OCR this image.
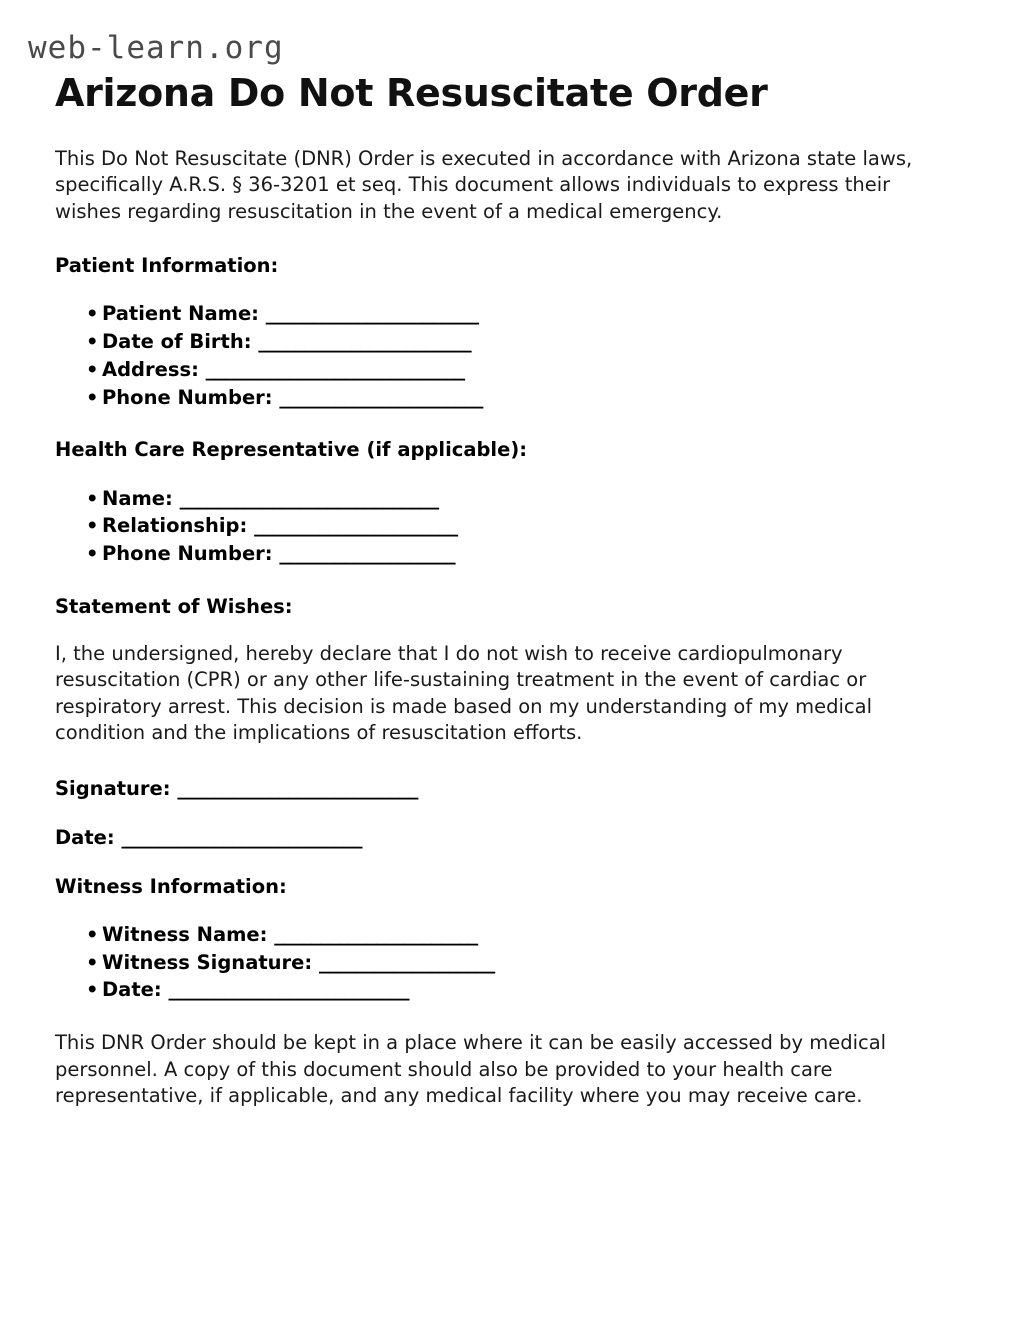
web-learn.org
Arizona Do Not Resuscitate Order

This Do Not Resuscitate (DNR) Order is executed in accordance with Arizona state laws, specifically A.R.S. § 36-3201 et seq. This document allows individuals to express their wishes regarding resuscitation in the event of a medical emergency.

Patient Information:
• Patient Name: _______________________
• Date of Birth: _______________________
• Address: ____________________________
• Phone Number: ______________________
Health Care Representative (if applicable):
• Name: ____________________________
• Relationship: ______________________
• Phone Number: ___________________
Statement of Wishes:

I, the undersigned, hereby declare that I do not wish to receive cardiopulmonary resuscitation (CPR) or any other life-sustaining treatment in the event of cardiac or respiratory arrest. This decision is made based on my understanding of my medical condition and the implications of resuscitation efforts.

Signature: __________________________
Date: __________________________
Witness Information:
• Witness Name: ______________________
• Witness Signature: ___________________
• Date: __________________________

This DNR Order should be kept in a place where it can be easily accessed by medical personnel. A copy of this document should also be provided to your health care representative, if applicable, and any medical facility where you may receive care.
